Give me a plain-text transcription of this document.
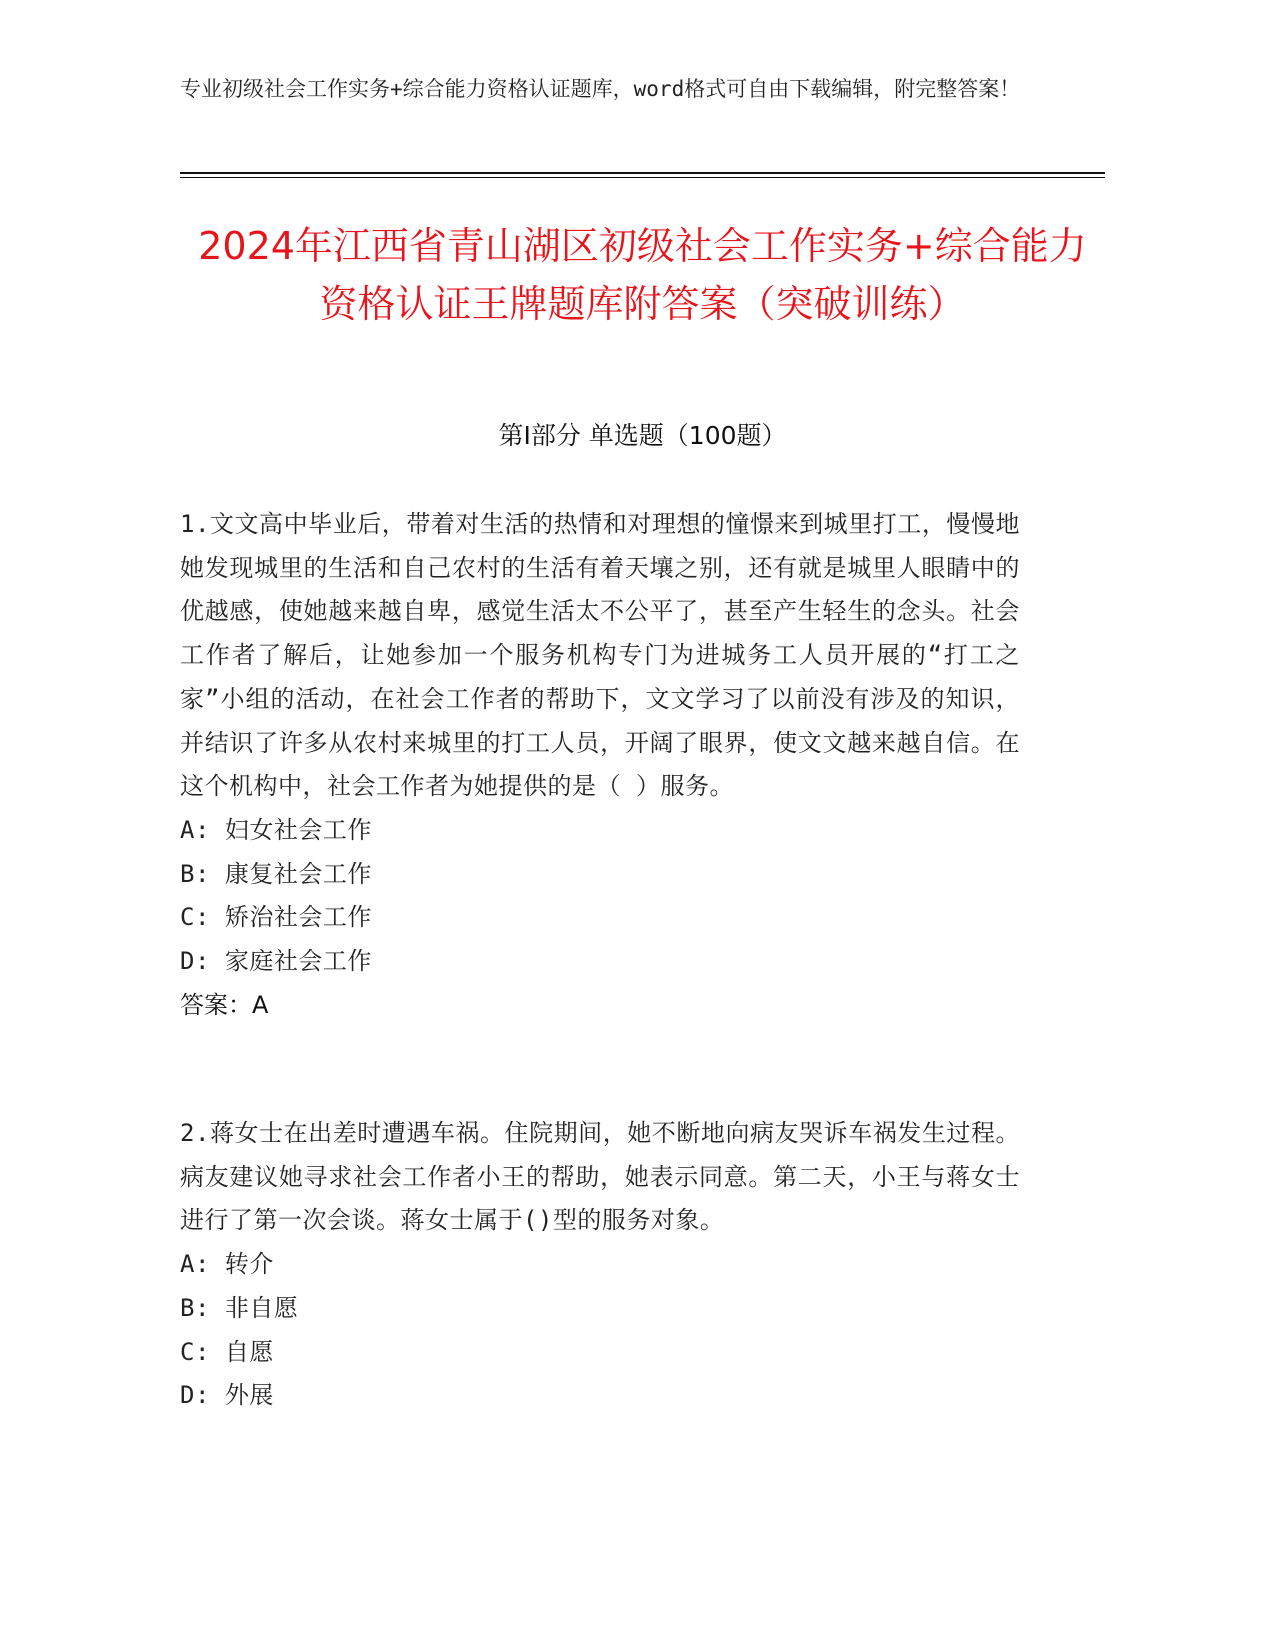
专业初级社会工作实务+综合能力资格认证题库，word格式可自由下载编辑，附完整答案！
2024年江西省青山湖区初级社会工作实务+综合能力资格认证王牌题库附答案（突破训练）
第I部分 单选题（100题）

1.文文高中毕业后，带着对生活的热情和对理想的憧憬来到城里打工，慢慢地她发现城里的生活和自己农村的生活有着天壤之别，还有就是城里人眼睛中的优越感，使她越来越自卑，感觉生活太不公平了，甚至产生轻生的念头。社会工作者了解后，让她参加一个服务机构专门为进城务工人员开展的“打工之家”小组的活动，在社会工作者的帮助下，文文学习了以前没有涉及的知识，并结识了许多从农村来城里的打工人员，开阔了眼界，使文文越来越自信。在这个机构中，社会工作者为她提供的是（ ）服务。

A: 妇女社会工作

B: 康复社会工作

C: 矫治社会工作

D: 家庭社会工作

答案：A

2.蒋女士在出差时遭遇车祸。住院期间，她不断地向病友哭诉车祸发生过程。病友建议她寻求社会工作者小王的帮助，她表示同意。第二天，小王与蒋女士进行了第一次会谈。蒋女士属于()型的服务对象。

A: 转介

B: 非自愿

C: 自愿

D: 外展
